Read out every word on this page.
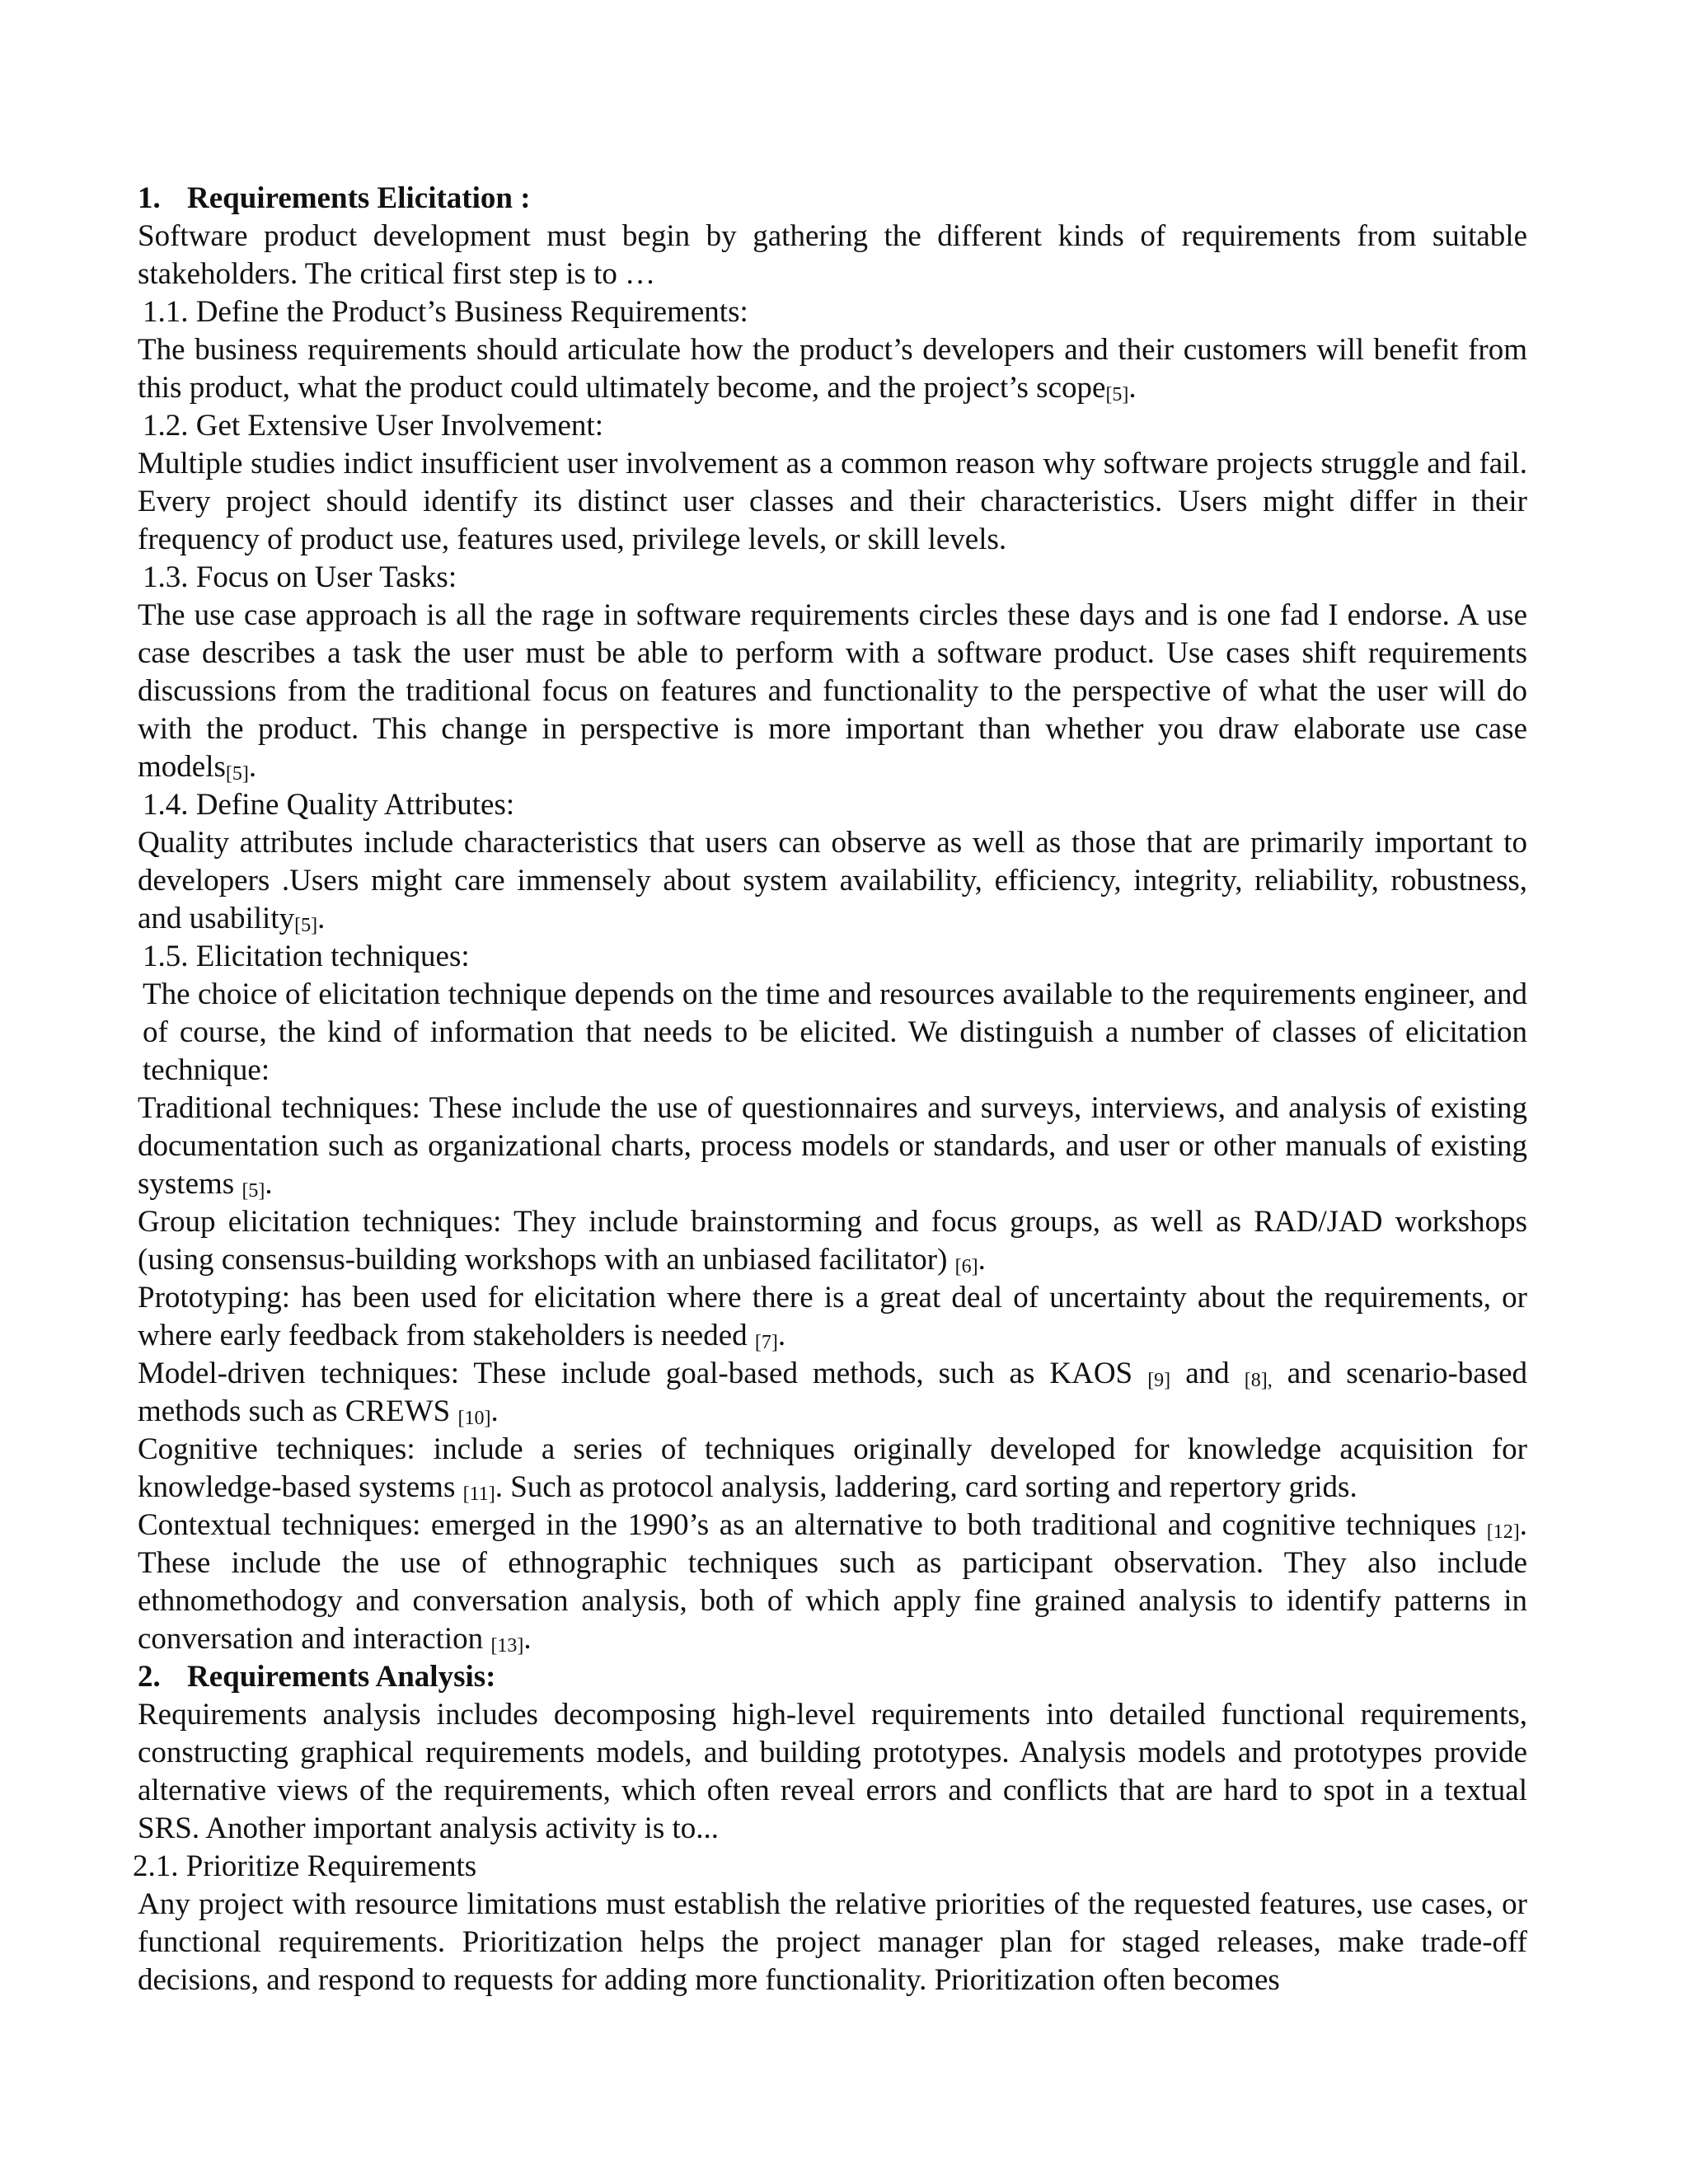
1. Requirements Elicitation :

Software product development must begin by gathering the different kinds of requirements from suitable stakeholders. The critical first step is to …

1.1. Define the Product’s Business Requirements:

The business requirements should articulate how the product’s developers and their customers will benefit from this product, what the product could ultimately become, and the project’s scope[5].

1.2. Get Extensive User Involvement:

Multiple studies indict insufficient user involvement as a common reason why software projects struggle and fail. Every project should identify its distinct user classes and their characteristics. Users might differ in their frequency of product use, features used, privilege levels, or skill levels.

1.3. Focus on User Tasks:

The use case approach is all the rage in software requirements circles these days and is one fad I endorse. A use case describes a task the user must be able to perform with a software product. Use cases shift requirements discussions from the traditional focus on features and functionality to the perspective of what the user will do with the product. This change in perspective is more important than whether you draw elaborate use case models[5].

1.4. Define Quality Attributes:

Quality attributes include characteristics that users can observe as well as those that are primarily important to developers .Users might care immensely about system availability, efficiency, integrity, reliability, robustness, and usability[5].

1.5. Elicitation techniques:

The choice of elicitation technique depends on the time and resources available to the requirements engineer, and of course, the kind of information that needs to be elicited. We distinguish a number of classes of elicitation technique:

Traditional techniques: These include the use of questionnaires and surveys, interviews, and analysis of existing documentation such as organizational charts, process models or standards, and user or other manuals of existing systems [5].

Group elicitation techniques: They include brainstorming and focus groups, as well as RAD/JAD workshops (using consensus-building workshops with an unbiased facilitator) [6].

Prototyping: has been used for elicitation where there is a great deal of uncertainty about the requirements, or where early feedback from stakeholders is needed [7].

Model-driven techniques: These include goal-based methods, such as KAOS [9] and [8], and scenario-based methods such as CREWS [10].

Cognitive techniques: include a series of techniques originally developed for knowledge acquisition for knowledge-based systems [11]. Such as protocol analysis, laddering, card sorting and repertory grids.

Contextual techniques: emerged in the 1990’s as an alternative to both traditional and cognitive techniques [12]. These include the use of ethnographic techniques such as participant observation. They also include ethnomethodogy and conversation analysis, both of which apply fine grained analysis to identify patterns in conversation and interaction [13].

2. Requirements Analysis:

Requirements analysis includes decomposing high-level requirements into detailed functional requirements, constructing graphical requirements models, and building prototypes. Analysis models and prototypes provide alternative views of the requirements, which often reveal errors and conflicts that are hard to spot in a textual SRS. Another important analysis activity is to...

2.1. Prioritize Requirements

Any project with resource limitations must establish the relative priorities of the requested features, use cases, or functional requirements. Prioritization helps the project manager plan for staged releases, make trade-off decisions, and respond to requests for adding more functionality. Prioritization often becomes
